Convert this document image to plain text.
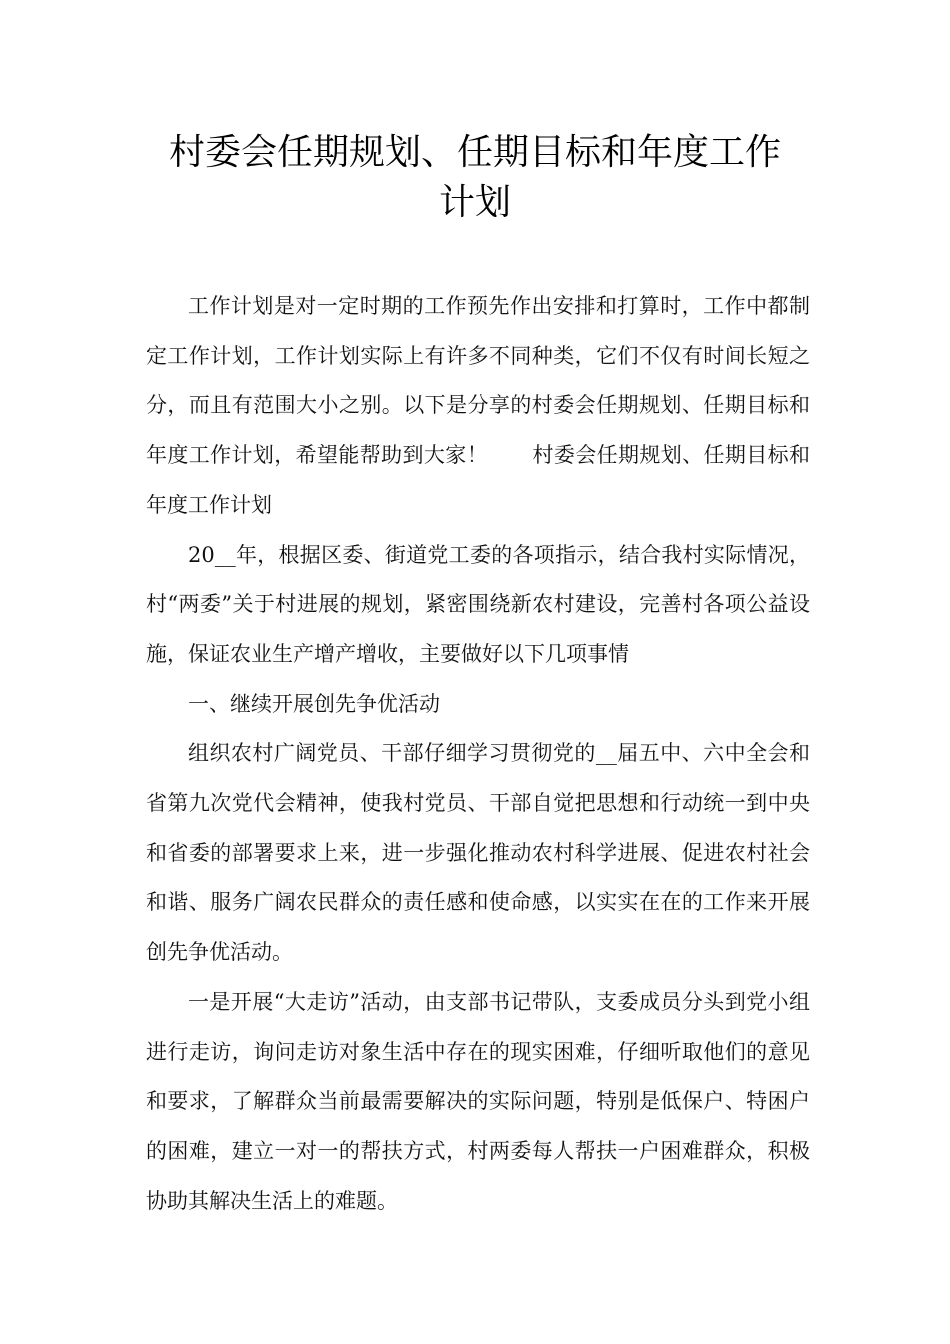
村委会任期规划、任期目标和年度工作
计划

工作计划是对一定时期的工作预先作出安排和打算时，工作中都制定工作计划，工作计划实际上有许多不同种类，它们不仅有时间长短之分，而且有范围大小之别。以下是分享的村委会任期规划、任期目标和年度工作计划，希望能帮助到大家！ 村委会任期规划、任期目标和年度工作计划

20__年，根据区委、街道党工委的各项指示，结合我村实际情况，村“两委”关于村进展的规划，紧密围绕新农村建设，完善村各项公益设施，保证农业生产增产增收，主要做好以下几项事情

一、继续开展创先争优活动

组织农村广阔党员、干部仔细学习贯彻党的__届五中、六中全会和省第九次党代会精神，使我村党员、干部自觉把思想和行动统一到中央和省委的部署要求上来，进一步强化推动农村科学进展、促进农村社会和谐、服务广阔农民群众的责任感和使命感，以实实在在的工作来开展创先争优活动。

一是开展“大走访”活动，由支部书记带队，支委成员分头到党小组进行走访，询问走访对象生活中存在的现实困难，仔细听取他们的意见和要求，了解群众当前最需要解决的实际问题，特别是低保户、特困户的困难，建立一对一的帮扶方式，村两委每人帮扶一户困难群众，积极协助其解决生活上的难题。
